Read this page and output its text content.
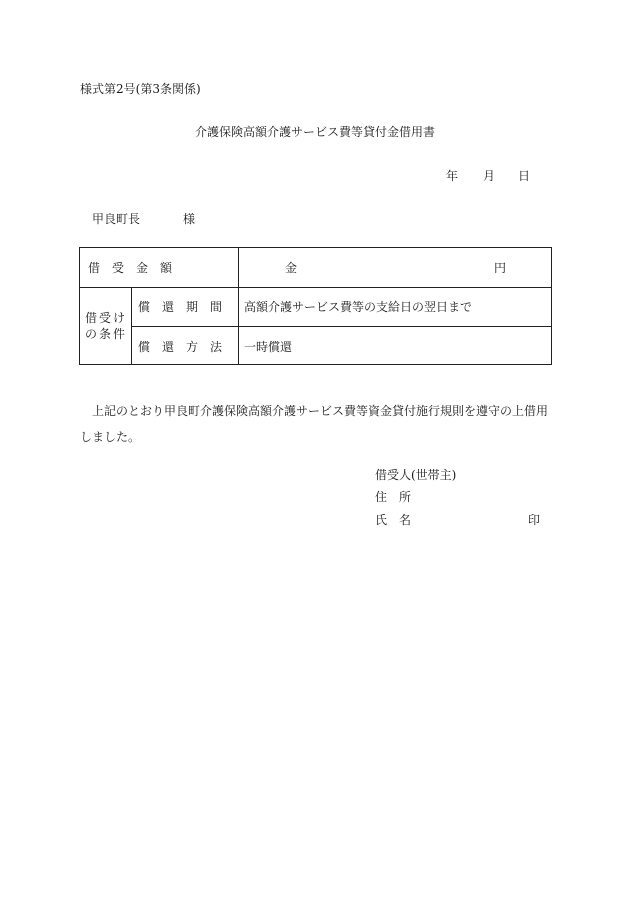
様式第2号(第3条関係)
介護保険高額介護サービス費等貸付金借用書
年 月 日
甲良町長	様
借　受　金　額	金	円
借受け
の条件
償　還　期　間 高額介護サービス費等の支給日の翌日まで
償　還　方　法 一時償還
上記のとおり甲良町介護保険高額介護サービス費等資金貸付施行規則を遵守の上借用しました。
借受人(世帯主)
住　所
氏　名	印
